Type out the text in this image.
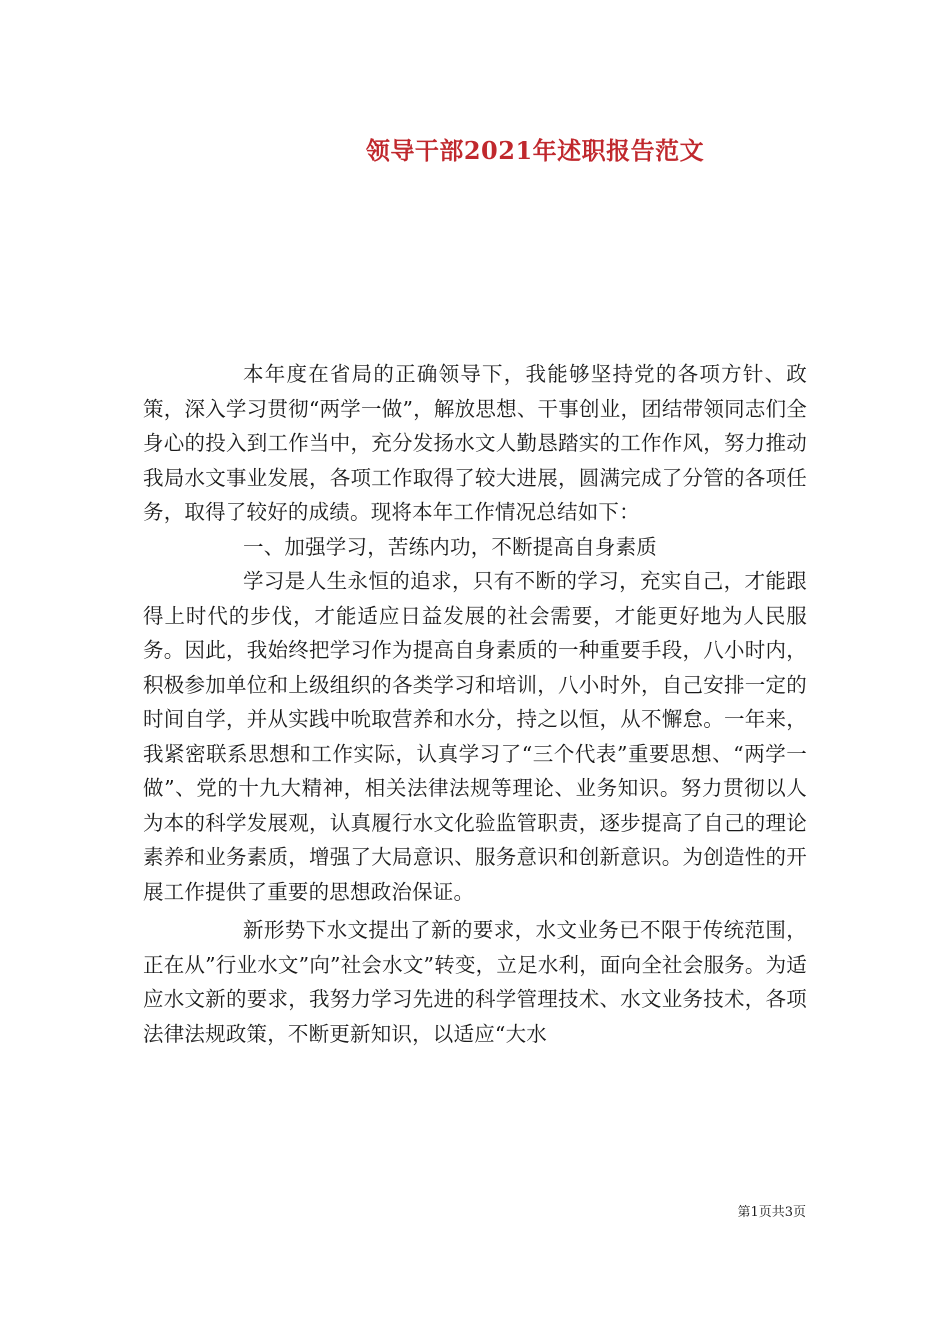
领导干部2021年述职报告范文

本年度在省局的正确领导下，我能够坚持党的各项方针、政策，深入学习贯彻“两学一做”，解放思想、干事创业，团结带领同志们全身心的投入到工作当中，充分发扬水文人勤恳踏实的工作作风，努力推动我局水文事业发展，各项工作取得了较大进展，圆满完成了分管的各项任务，取得了较好的成绩。现将本年工作情况总结如下：

一、加强学习，苦练内功，不断提高自身素质

学习是人生永恒的追求，只有不断的学习，充实自己，才能跟得上时代的步伐，才能适应日益发展的社会需要，才能更好地为人民服务。因此，我始终把学习作为提高自身素质的一种重要手段，八小时内，积极参加单位和上级组织的各类学习和培训，八小时外，自己安排一定的时间自学，并从实践中吮取营养和水分，持之以恒，从不懈怠。一年来，我紧密联系思想和工作实际，认真学习了“三个代表”重要思想、“两学一做”、党的十九大精神，相关法律法规等理论、业务知识。努力贯彻以人为本的科学发展观，认真履行水文化验监管职责，逐步提高了自己的理论素养和业务素质，增强了大局意识、服务意识和创新意识。为创造性的开展工作提供了重要的思想政治保证。

新形势下水文提出了新的要求，水文业务已不限于传统范围，正在从”行业水文”向”社会水文”转变，立足水利，面向全社会服务。为适应水文新的要求，我努力学习先进的科学管理技术、水文业务技术，各项法律法规政策，不断更新知识，以适应“大水

第1页共3页
